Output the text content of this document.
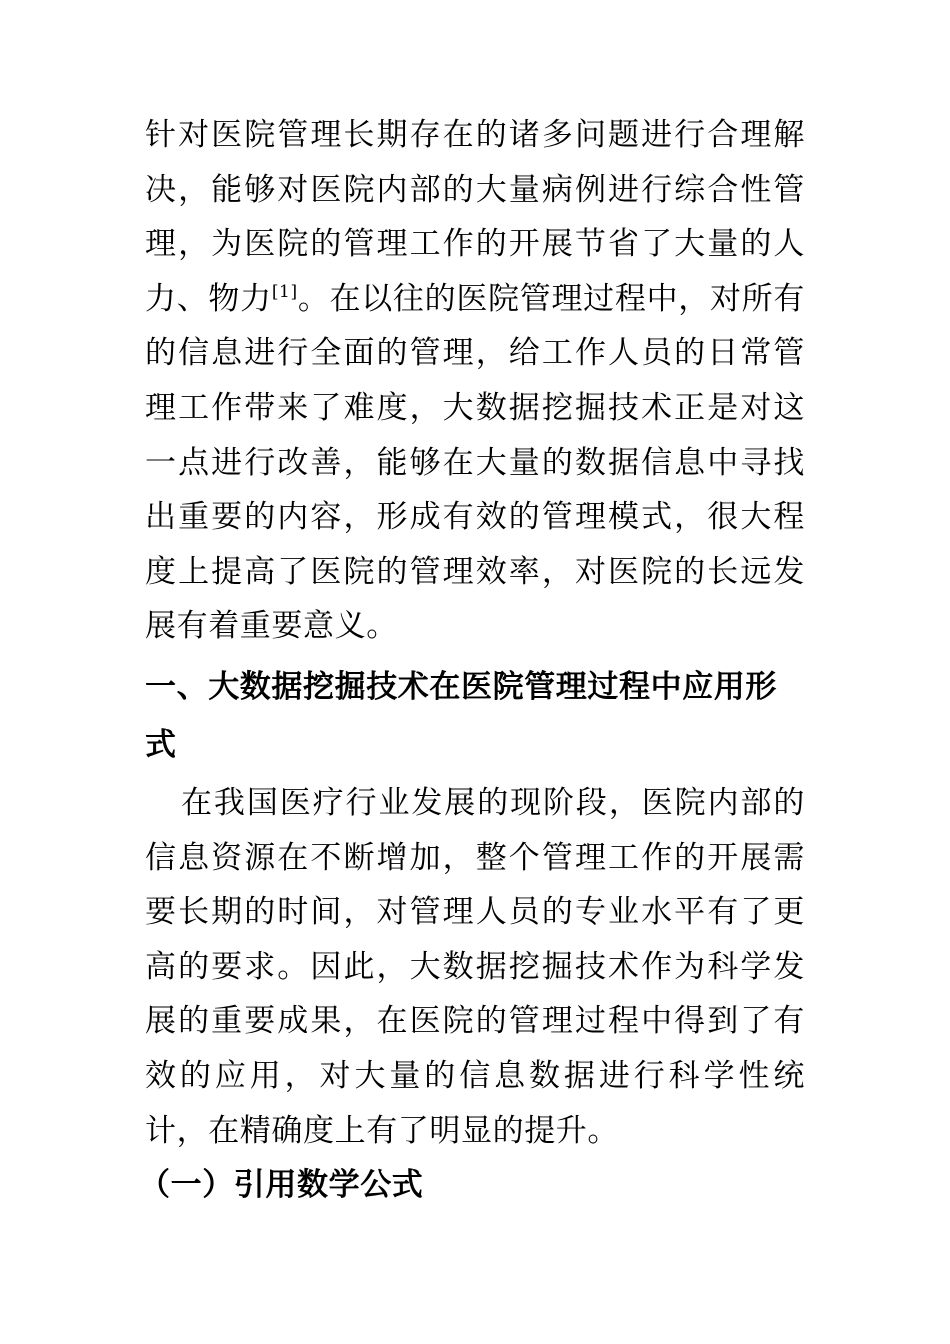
针对医院管理长期存在的诸多问题进行合理解决，能够对医院内部的大量病例进行综合性管理，为医院的管理工作的开展节省了大量的人力、物力[1]。在以往的医院管理过程中，对所有的信息进行全面的管理，给工作人员的日常管理工作带来了难度，大数据挖掘技术正是对这一点进行改善，能够在大量的数据信息中寻找出重要的内容，形成有效的管理模式，很大程度上提高了医院的管理效率，对医院的长远发展有着重要意义。

一、大数据挖掘技术在医院管理过程中应用形式

在我国医疗行业发展的现阶段，医院内部的信息资源在不断增加，整个管理工作的开展需要长期的时间，对管理人员的专业水平有了更高的要求。因此，大数据挖掘技术作为科学发展的重要成果，在医院的管理过程中得到了有效的应用，对大量的信息数据进行科学性统计，在精确度上有了明显的提升。

（一）引用数学公式
